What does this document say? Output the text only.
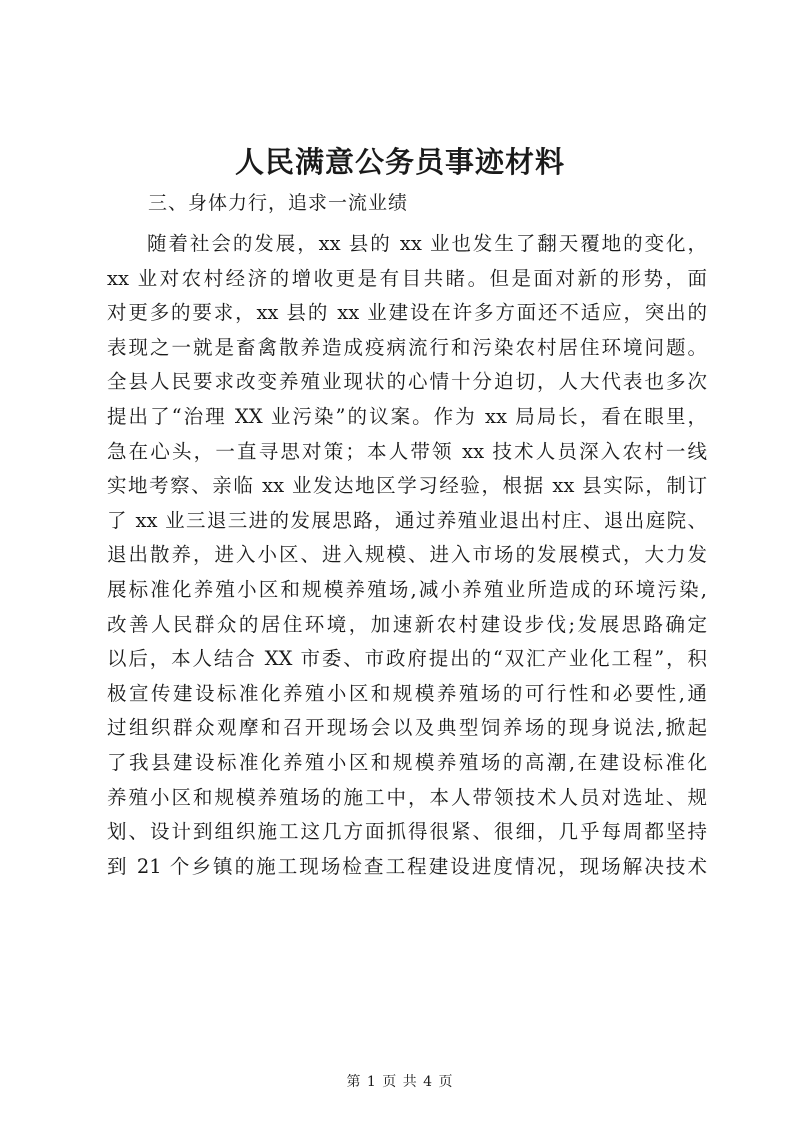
人民满意公务员事迹材料
三、身体力行，追求一流业绩
随着社会的发展，xx 县的 xx 业也发生了翻天覆地的变化，
xx 业对农村经济的增收更是有目共睹。但是面对新的形势，面
对更多的要求，xx 县的 xx 业建设在许多方面还不适应，突出的
表现之一就是畜禽散养造成疫病流行和污染农村居住环境问题。
全县人民要求改变养殖业现状的心情十分迫切，人大代表也多次
提出了“治理 XX 业污染”的议案。作为 xx 局局长，看在眼里，
急在心头，一直寻思对策；本人带领 xx 技术人员深入农村一线
实地考察、亲临 xx 业发达地区学习经验，根据 xx 县实际，制订
了 xx 业三退三进的发展思路，通过养殖业退出村庄、退出庭院、
退出散养，进入小区、进入规模、进入市场的发展模式，大力发
展标准化养殖小区和规模养殖场,减小养殖业所造成的环境污染,
改善人民群众的居住环境，加速新农村建设步伐;发展思路确定
以后，本人结合 XX 市委、市政府提出的“双汇产业化工程”，积
极宣传建设标准化养殖小区和规模养殖场的可行性和必要性,通
过组织群众观摩和召开现场会以及典型饲养场的现身说法,掀起
了我县建设标准化养殖小区和规模养殖场的高潮,在建设标准化
养殖小区和规模养殖场的施工中，本人带领技术人员对选址、规
划、设计到组织施工这几方面抓得很紧、很细，几乎每周都坚持
到 21 个乡镇的施工现场检查工程建设进度情况，现场解决技术
第 1 页 共 4 页
